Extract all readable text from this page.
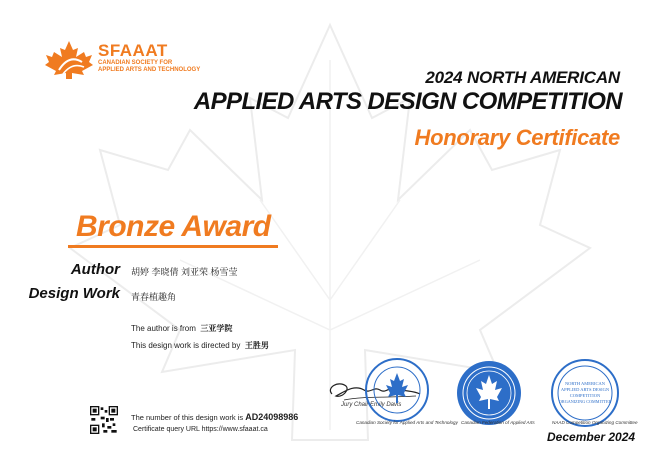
SFAAAT
CANADIAN SOCIETY FOR
APPLIED ARTS AND TECHNOLOGY	2024 NORTH AMERICAN
APPLIED ARTS DESIGN COMPETITION
Honorary Certificate
Bronze Award
Author 胡婷 李晓倩 刘亚荣 杨雪莹
Design Work 青春植趣角
The author is from 三亚学院
This design work is directed by 王胜男
The number of this design work is AD24098986
Certificate query URL https://www.sfaaat.ca
Jury Chair Emily Davis
Canadian Society for Applied Arts and Technology Canadian Federation of Applied Arts
NORTH AMERICAN
APPLIED ARTS DESIGN
COMPETITION
ORGANIZING COMMITTEE
NAAD Competition Organizing Committee
December 2024
